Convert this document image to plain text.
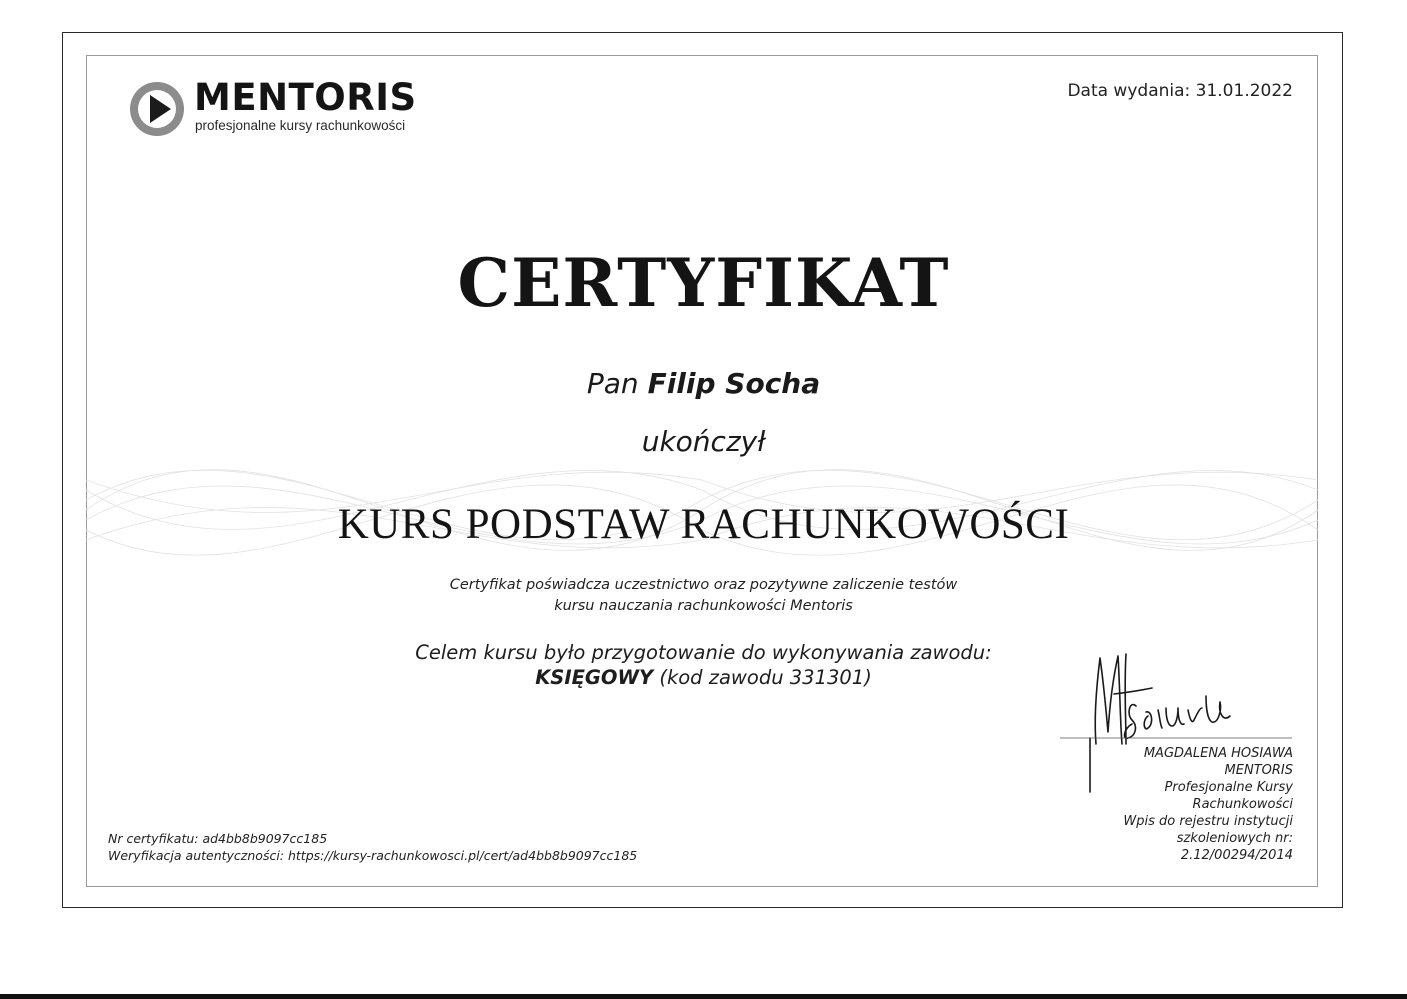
MENTORIS
profesjonalne kursy rachunkowości
Data wydania: 31.01.2022
CERTYFIKAT
Pan Filip Socha
ukończył
KURS PODSTAW RACHUNKOWOŚCI
Certyfikat poświadcza uczestnictwo oraz pozytywne zaliczenie testów
kursu nauczania rachunkowości Mentoris
Celem kursu było przygotowanie do wykonywania zawodu:
KSIĘGOWY (kod zawodu 331301)
MAGDALENA HOSIAWA
MENTORIS
Profesjonalne Kursy
Rachunkowości
Wpis do rejestru instytucji
szkoleniowych nr:
2.12/00294/2014
Nr certyfikatu: ad4bb8b9097cc185
Weryfikacja autentyczności: https://kursy-rachunkowosci.pl/cert/ad4bb8b9097cc185
